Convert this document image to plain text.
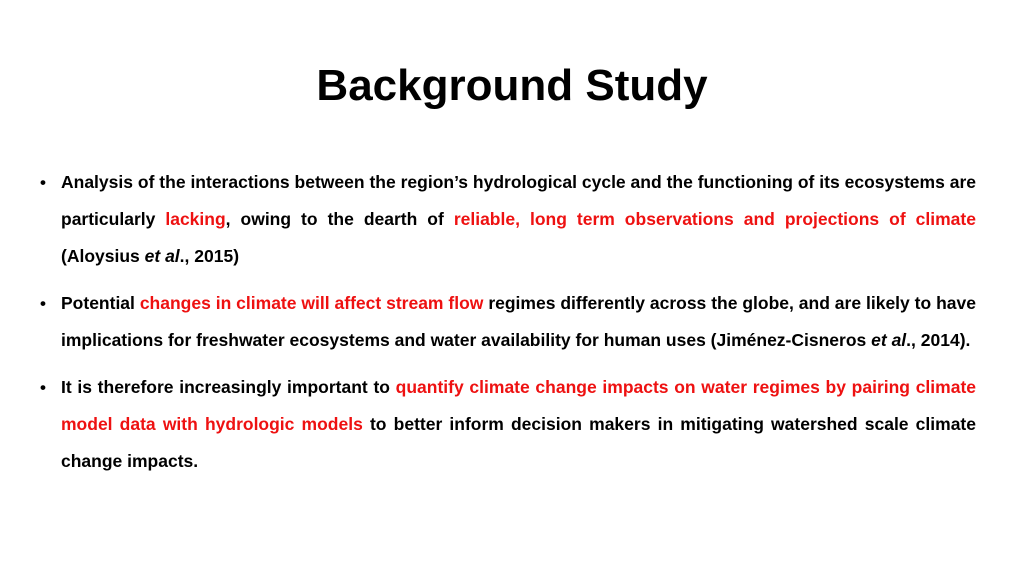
Background Study
• Analysis of the interactions between the region’s hydrological cycle and the functioning of its ecosystems are particularly lacking, owing to the dearth of reliable, long term observations and projections of climate (Aloysius et al., 2015)
• Potential changes in climate will affect stream flow regimes differently across the globe, and are likely to have implications for freshwater ecosystems and water availability for human uses (Jiménez-Cisneros et al., 2014).
• It is therefore increasingly important to quantify climate change impacts on water regimes by pairing climate model data with hydrologic models to better inform decision makers in mitigating watershed scale climate change impacts.
